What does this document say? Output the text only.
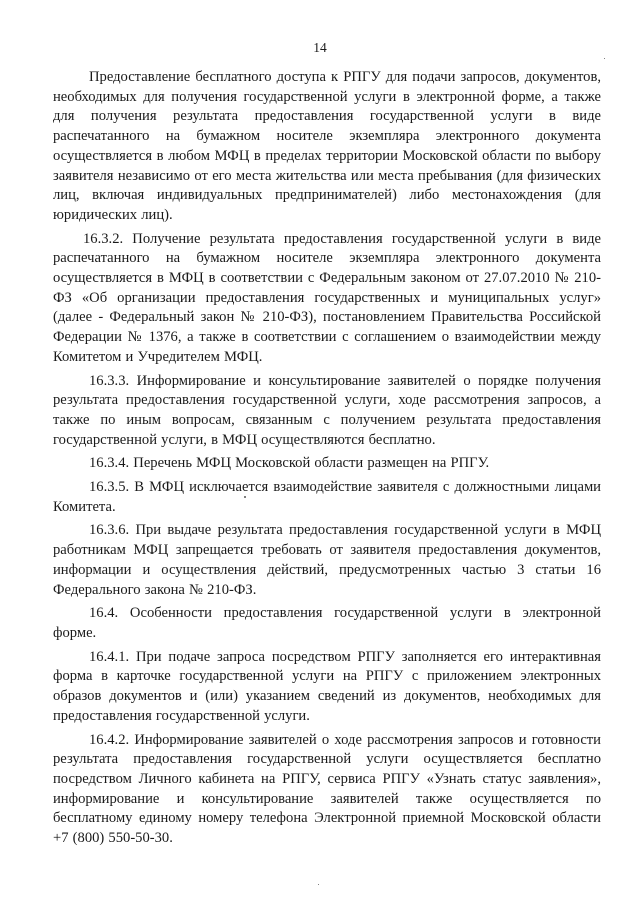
14

Предоставление бесплатного доступа к РПГУ для подачи запросов, документов, необходимых для получения государственной услуги в электронной форме, а также для получения результата предоставления государственной услуги в виде распечатанного на бумажном носителе экземпляра электронного документа осуществляется в любом МФЦ в пределах территории Московской области по выбору заявителя независимо от его места жительства или места пребывания (для физических лиц, включая индивидуальных предпринимателей) либо местонахождения (для юридических лиц).

16.3.2. Получение результата предоставления государственной услуги в виде распечатанного на бумажном носителе экземпляра электронного документа осуществляется в МФЦ в соответствии с Федеральным законом от 27.07.2010 № 210-ФЗ «Об организации предоставления государственных и муниципальных услуг» (далее - Федеральный закон № 210-ФЗ), постановлением Правительства Российской Федерации № 1376, а также в соответствии с соглашением о взаимодействии между Комитетом и Учредителем МФЦ.

16.3.3. Информирование и консультирование заявителей о порядке получения результата предоставления государственной услуги, ходе рассмотрения запросов, а также по иным вопросам, связанным с получением результата предоставления государственной услуги, в МФЦ осуществляются бесплатно.

16.3.4. Перечень МФЦ Московской области размещен на РПГУ.

16.3.5. В МФЦ исключается взаимодействие заявителя с должностными лицами Комитета.

16.3.6. При выдаче результата предоставления государственной услуги в МФЦ работникам МФЦ запрещается требовать от заявителя предоставления документов, информации и осуществления действий, предусмотренных частью 3 статьи 16 Федерального закона № 210-ФЗ.

16.4. Особенности предоставления государственной услуги в электронной форме.

16.4.1. При подаче запроса посредством РПГУ заполняется его интерактивная форма в карточке государственной услуги на РПГУ с приложением электронных образов документов и (или) указанием сведений из документов, необходимых для предоставления государственной услуги.

16.4.2. Информирование заявителей о ходе рассмотрения запросов и готовности результата предоставления государственной услуги осуществляется бесплатно посредством Личного кабинета на РПГУ, сервиса РПГУ «Узнать статус заявления», информирование и консультирование заявителей также осуществляется по бесплатному единому номеру телефона Электронной приемной Московской области +7 (800) 550-50-30.
